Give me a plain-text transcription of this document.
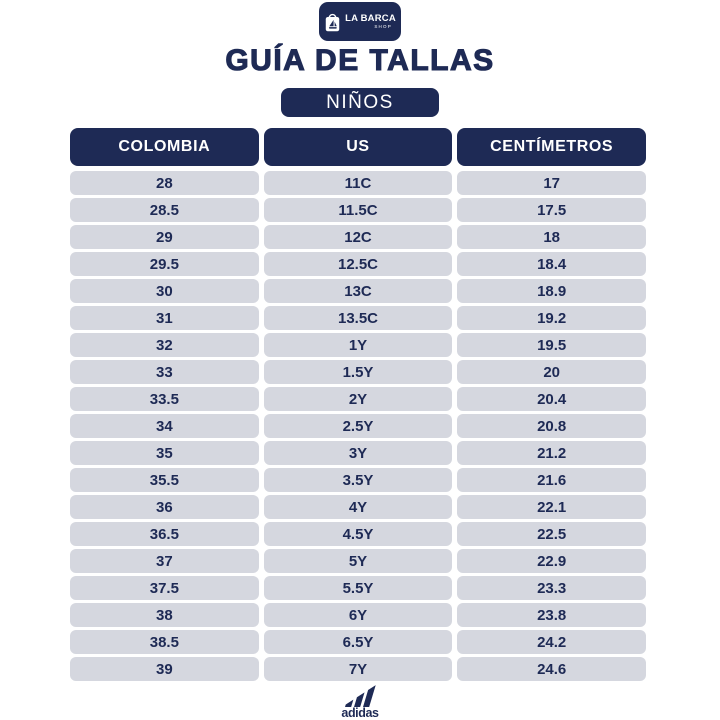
LA BARCA
SHOP
GUÍA DE TALLAS
NIÑOS
COLOMBIA	US	CENTÍMETROS
28	11C	17
28.5	11.5C	17.5
29	12C	18
29.5	12.5C	18.4
30	13C	18.9
31	13.5C	19.2
32	1Y	19.5
33	1.5Y	20
33.5	2Y	20.4
34	2.5Y	20.8
35	3Y	21.2
35.5	3.5Y	21.6
36	4Y	22.1
36.5	4.5Y	22.5
37	5Y	22.9
37.5	5.5Y	23.3
38	6Y	23.8
38.5	6.5Y	24.2
39	7Y	24.6
adidas
